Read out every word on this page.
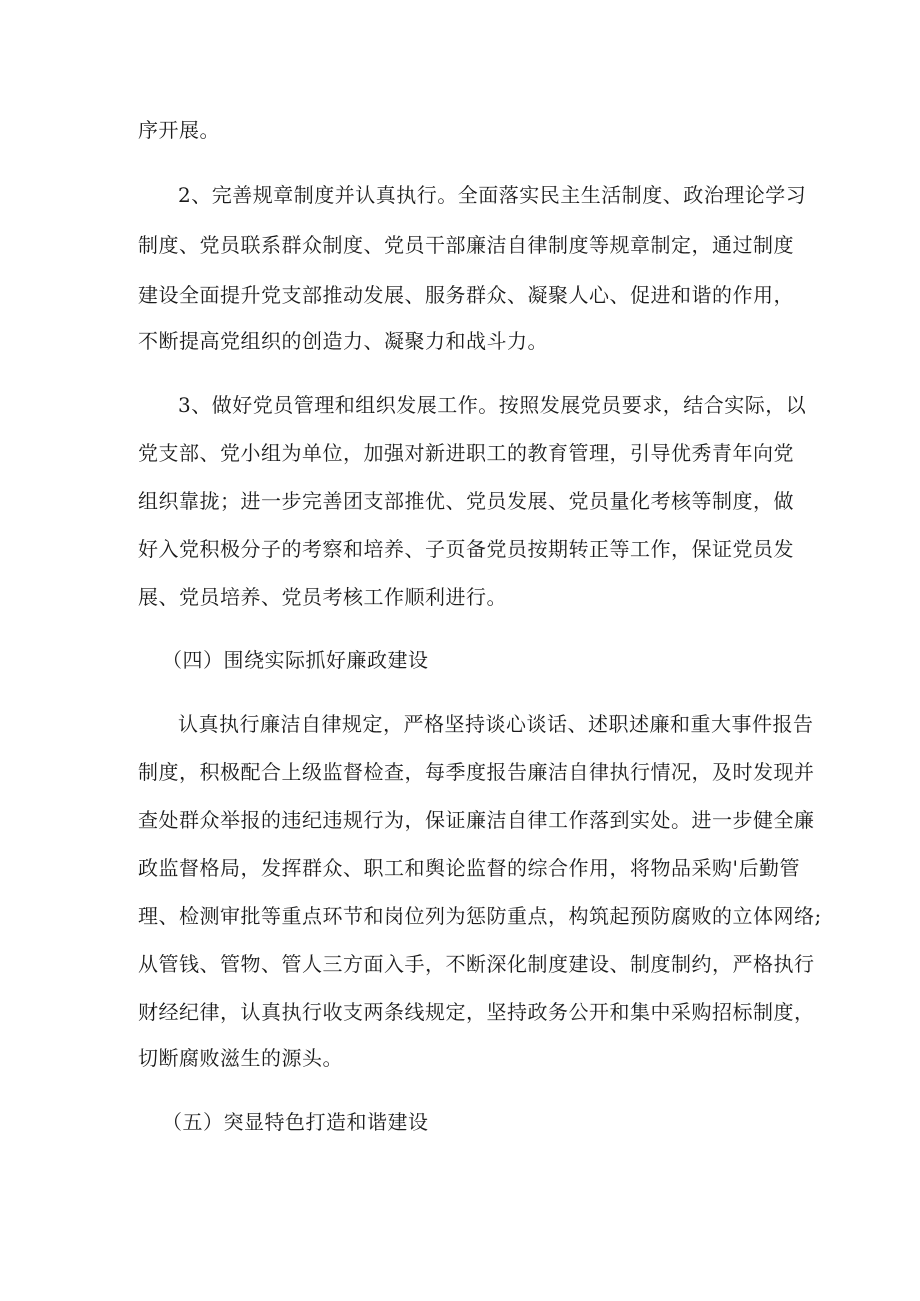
序开展。
2、完善规章制度并认真执行。全面落实民主生活制度、政治理论学习
制度、党员联系群众制度、党员干部廉洁自律制度等规章制定，通过制度
建设全面提升党支部推动发展、服务群众、凝聚人心、促进和谐的作用，
不断提高党组织的创造力、凝聚力和战斗力。
3、做好党员管理和组织发展工作。按照发展党员要求，结合实际，以
党支部、党小组为单位，加强对新进职工的教育管理，引导优秀青年向党
组织靠拢；进一步完善团支部推优、党员发展、党员量化考核等制度，做
好入党积极分子的考察和培养、子页备党员按期转正等工作，保证党员发
展、党员培养、党员考核工作顺利进行。
（四）围绕实际抓好廉政建设
认真执行廉洁自律规定，严格坚持谈心谈话、述职述廉和重大事件报告
制度，积极配合上级监督检查，每季度报告廉洁自律执行情况，及时发现并
查处群众举报的违纪违规行为，保证廉洁自律工作落到实处。进一步健全廉
政监督格局，发挥群众、职工和舆论监督的综合作用，将物品采购'后勤管
理、检测审批等重点环节和岗位列为惩防重点，构筑起预防腐败的立体网络;
从管钱、管物、管人三方面入手，不断深化制度建设、制度制约，严格执行
财经纪律，认真执行收支两条线规定，坚持政务公开和集中采购招标制度，
切断腐败滋生的源头。
（五）突显特色打造和谐建设
